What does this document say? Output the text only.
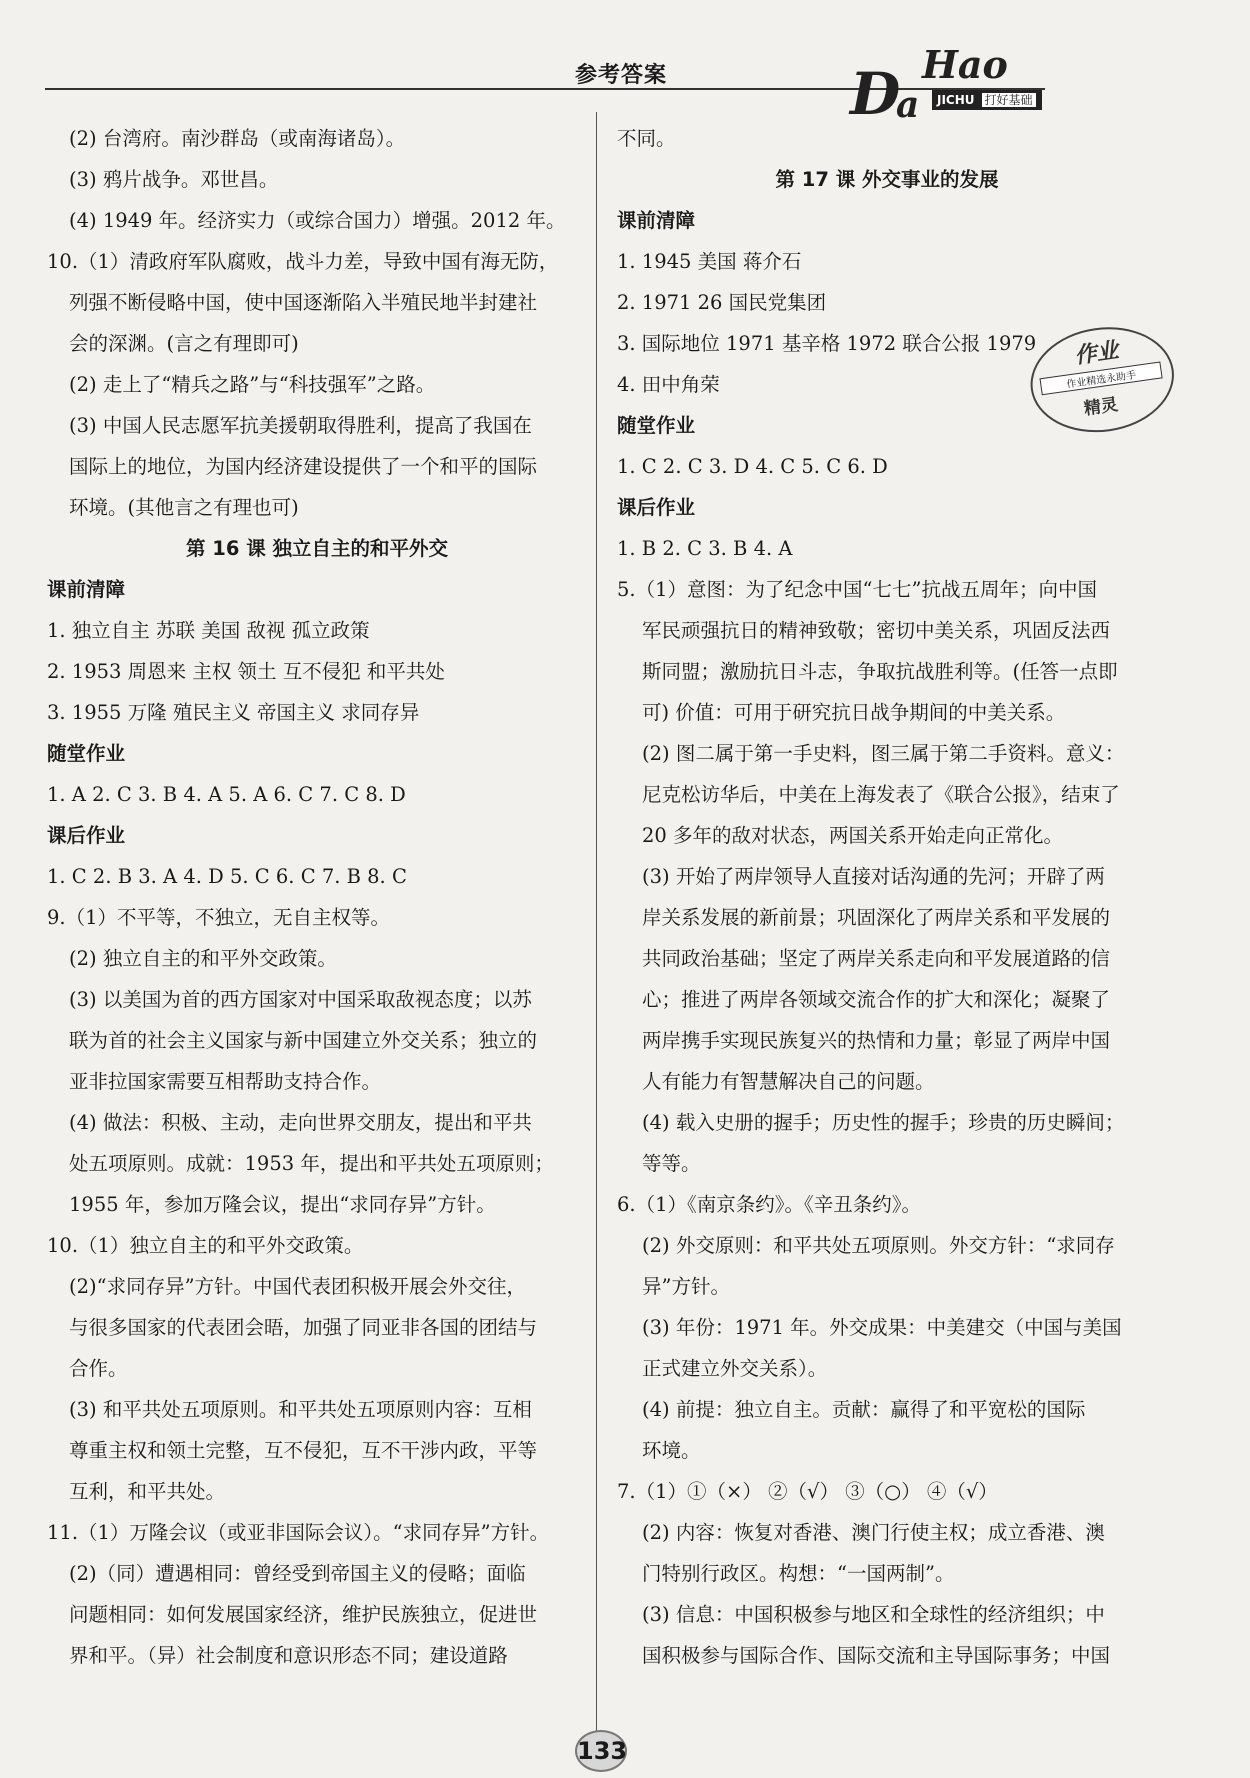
参考答案	D
a
Hao
JICHU 打好基础
(2) 台湾府。南沙群岛（或南海诸岛）。
(3) 鸦片战争。邓世昌。
(4) 1949 年。经济实力（或综合国力）增强。2012 年。
10.（1）清政府军队腐败，战斗力差，导致中国有海无防，
列强不断侵略中国，使中国逐渐陷入半殖民地半封建社
会的深渊。(言之有理即可)
(2) 走上了“精兵之路”与“科技强军”之路。
(3) 中国人民志愿军抗美援朝取得胜利，提高了我国在
国际上的地位，为国内经济建设提供了一个和平的国际
环境。(其他言之有理也可)
第 16 课 独立自主的和平外交
课前清障
1. 独立自主 苏联 美国 敌视 孤立政策
2. 1953 周恩来 主权 领土 互不侵犯 和平共处
3. 1955 万隆 殖民主义 帝国主义 求同存异
随堂作业
1. A 2. C 3. B 4. A 5. A 6. C 7. C 8. D
课后作业
1. C 2. B 3. A 4. D 5. C 6. C 7. B 8. C
9.（1）不平等，不独立，无自主权等。
(2) 独立自主的和平外交政策。
(3) 以美国为首的西方国家对中国采取敌视态度；以苏
联为首的社会主义国家与新中国建立外交关系；独立的
亚非拉国家需要互相帮助支持合作。
(4) 做法：积极、主动，走向世界交朋友，提出和平共
处五项原则。成就：1953 年，提出和平共处五项原则；
1955 年，参加万隆会议，提出“求同存异”方针。
10.（1）独立自主的和平外交政策。
(2)“求同存异”方针。中国代表团积极开展会外交往，
与很多国家的代表团会晤，加强了同亚非各国的团结与
合作。
(3) 和平共处五项原则。和平共处五项原则内容：互相
尊重主权和领土完整，互不侵犯，互不干涉内政，平等
互利，和平共处。
11.（1）万隆会议（或亚非国际会议）。“求同存异”方针。
(2)（同）遭遇相同：曾经受到帝国主义的侵略；面临
问题相同：如何发展国家经济，维护民族独立，促进世
界和平。（异）社会制度和意识形态不同；建设道路
不同。
第 17 课 外交事业的发展
课前清障
1. 1945 美国 蒋介石
2. 1971 26 国民党集团
3. 国际地位 1971 基辛格 1972 联合公报 1979
4. 田中角荣
随堂作业
1. C 2. C 3. D 4. C 5. C 6. D
课后作业
1. B 2. C 3. B 4. A
5.（1）意图：为了纪念中国“七七”抗战五周年；向中国
军民顽强抗日的精神致敬；密切中美关系，巩固反法西
斯同盟；激励抗日斗志，争取抗战胜利等。(任答一点即
可) 价值：可用于研究抗日战争期间的中美关系。
(2) 图二属于第一手史料，图三属于第二手资料。意义：
尼克松访华后，中美在上海发表了《联合公报》，结束了
20 多年的敌对状态，两国关系开始走向正常化。
(3) 开始了两岸领导人直接对话沟通的先河；开辟了两
岸关系发展的新前景；巩固深化了两岸关系和平发展的
共同政治基础；坚定了两岸关系走向和平发展道路的信
心；推进了两岸各领域交流合作的扩大和深化；凝聚了
两岸携手实现民族复兴的热情和力量；彰显了两岸中国
人有能力有智慧解决自己的问题。
(4) 载入史册的握手；历史性的握手；珍贵的历史瞬间；
等等。
6.（1）《南京条约》。《辛丑条约》。
(2) 外交原则：和平共处五项原则。外交方针：“求同存
异”方针。
(3) 年份：1971 年。外交成果：中美建交（中国与美国
正式建立外交关系）。
(4) 前提：独立自主。贡献：赢得了和平宽松的国际
环境。
7.（1）①（×） ②（√） ③（○） ④（√）
(2) 内容：恢复对香港、澳门行使主权；成立香港、澳
门特别行政区。构想：“一国两制”。
(3) 信息：中国积极参与地区和全球性的经济组织；中
国积极参与国际合作、国际交流和主导国际事务；中国
作业
作业精选永助手
精灵
133
